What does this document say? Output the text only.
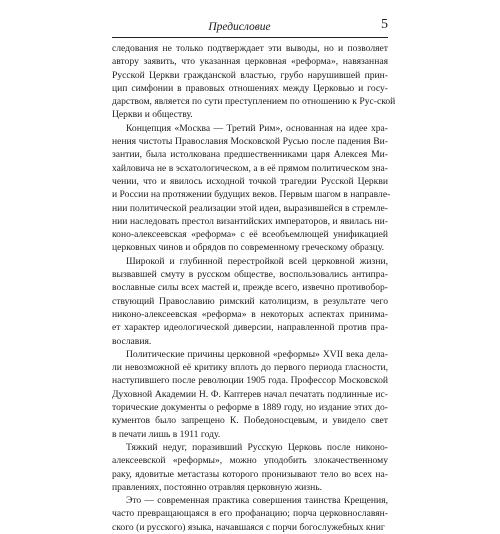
Предисловие	5
следования не только подтверждает эти выводы, но и позволяет
автору заявить, что указанная церковная «реформа», навязанная
Русской Церкви гражданской властью, грубо нарушившей прин-
цип симфонии в правовых отношениях между Церковью и госу-
дарством, является по сути преступлением по отношению к Рус-ской
Церкви и обществу.
Концепция «Москва — Третий Рим», основанная на идее хра-
нения чистоты Православия Московской Русью после падения Ви-
зантии, была истолкована предшественниками царя Алексея Ми-
хайловича не в эсхатологическом, а в её прямом политическом зна-
чении, что и явилось исходной точкой трагедии Русской Церкви
и России на протяжении будущих веков. Первым шагом в направле-
нии политической реализации этой идеи, выразившейся в стремле-
нии наследовать престол византийских императоров, и явилась ни-
коно-алексеевская «реформа» с её всеобъемлющей унификацией
церковных чинов и обрядов по современному греческому образцу.
Широкой и глубинной перестройкой всей церковной жизни,
вызвавшей смуту в русском обществе, воспользовались антипра-
вославные силы всех мастей и, прежде всего, извечно противобор-
ствующий Православию римский католицизм, в результате чего
никоно-алексеевская «реформа» в некоторых аспектах принима-
ет характер идеологической диверсии, направленной против пра-
вославия.
Политические причины церковной «реформы» XVII века дела-
ли невозможной её критику вплоть до первого периода гласности,
наступившего после революции 1905 года. Профессор Московской
Духовной Академии Н. Ф. Каптерев начал печатать подлинные ис-
торические документы о реформе в 1889 году, но издание этих до-
кументов было запрещено К. Победоносцевым, и увидело свет
в печати лишь в 1911 году.
Тяжкий недуг, поразивший Русскую Церковь после никоно-
алексеевской «реформы», можно уподобить злокачественному
раку, ядовитые метастазы которого пронизывают тело во всех на-
правлениях, постоянно отравляя церковную жизнь.
Это — современная практика совершения таинства Крещения,
часто превращающаяся в его профанацию; порча церковнославян-
ского (и русского) языка, начавшаяся с порчи богослужебных книг
